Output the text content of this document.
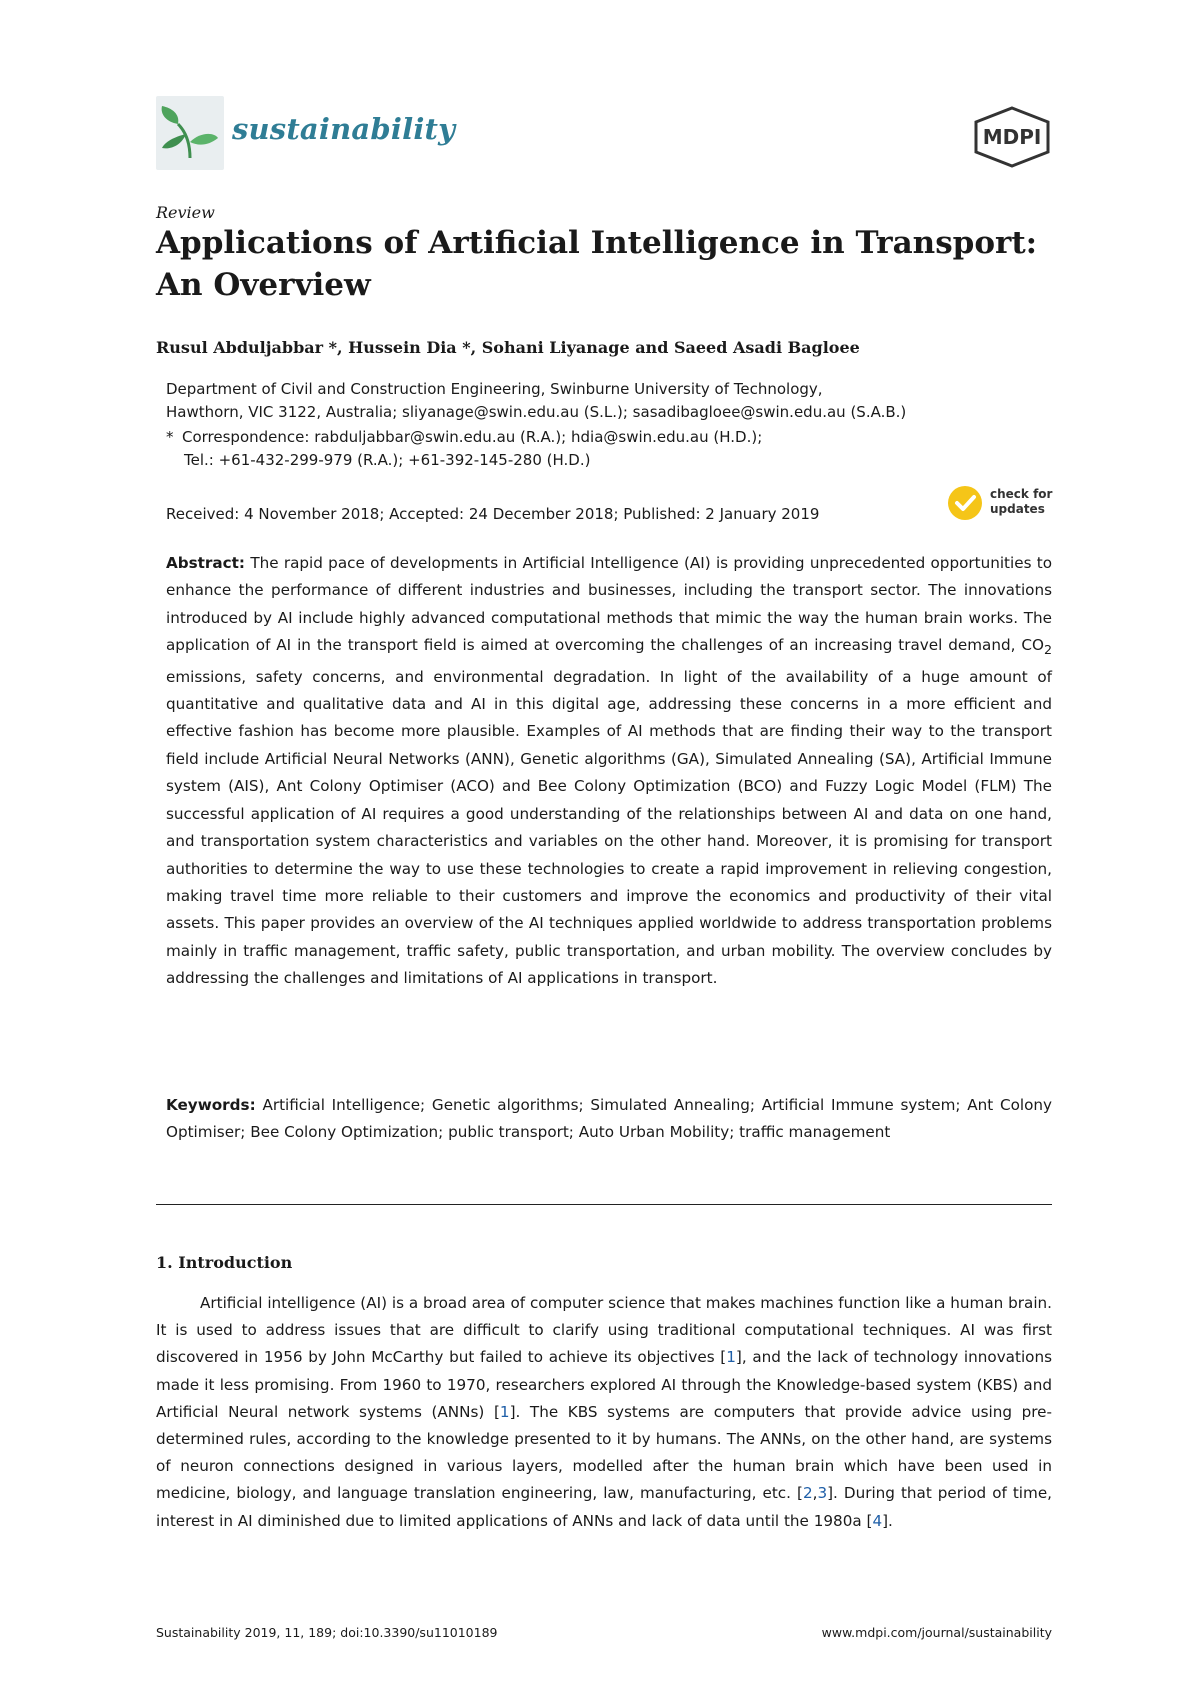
sustainability	MDPI
Review
Applications of Artificial Intelligence in Transport:
An Overview
Rusul Abduljabbar *, Hussein Dia *, Sohani Liyanage and Saeed Asadi Bagloee
Department of Civil and Construction Engineering, Swinburne University of Technology,
Hawthorn, VIC 3122, Australia; sliyanage@swin.edu.au (S.L.); sasadibagloee@swin.edu.au (S.A.B.)
* Correspondence: rabduljabbar@swin.edu.au (R.A.); hdia@swin.edu.au (H.D.);
Tel.: +61-432-299-979 (R.A.); +61-392-145-280 (H.D.)
Received: 4 November 2018; Accepted: 24 December 2018; Published: 2 January 2019
check for
updates
Abstract: The rapid pace of developments in Artificial Intelligence (AI) is providing unprecedented opportunities to enhance the performance of different industries and businesses, including the transport sector. The innovations introduced by AI include highly advanced computational methods that mimic the way the human brain works. The application of AI in the transport field is aimed at overcoming the challenges of an increasing travel demand, $CO_2$ emissions, safety concerns, and environmental degradation. In light of the availability of a huge amount of quantitative and qualitative data and AI in this digital age, addressing these concerns in a more efficient and effective fashion has become more plausible. Examples of AI methods that are finding their way to the transport field include Artificial Neural Networks (ANN), Genetic algorithms (GA), Simulated Annealing (SA), Artificial Immune system (AIS), Ant Colony Optimiser (ACO) and Bee Colony Optimization (BCO) and Fuzzy Logic Model (FLM) The successful application of AI requires a good understanding of the relationships between AI and data on one hand, and transportation system characteristics and variables on the other hand. Moreover, it is promising for transport authorities to determine the way to use these technologies to create a rapid improvement in relieving congestion, making travel time more reliable to their customers and improve the economics and productivity of their vital assets. This paper provides an overview of the AI techniques applied worldwide to address transportation problems mainly in traffic management, traffic safety, public transportation, and urban mobility. The overview concludes by addressing the challenges and limitations of AI applications in transport.
Keywords: Artificial Intelligence; Genetic algorithms; Simulated Annealing; Artificial Immune system; Ant Colony Optimiser; Bee Colony Optimization; public transport; Auto Urban Mobility; traffic management
1. Introduction
Artificial intelligence (AI) is a broad area of computer science that makes machines function like a human brain. It is used to address issues that are difficult to clarify using traditional computational techniques. AI was first discovered in 1956 by John McCarthy but failed to achieve its objectives [1], and the lack of technology innovations made it less promising. From 1960 to 1970, researchers explored AI through the Knowledge-based system (KBS) and Artificial Neural network systems (ANNs) [1]. The KBS systems are computers that provide advice using pre-determined rules, according to the knowledge presented to it by humans. The ANNs, on the other hand, are systems of neuron connections designed in various layers, modelled after the human brain which have been used in medicine, biology, and language translation engineering, law, manufacturing, etc. [2,3]. During that period of time, interest in AI diminished due to limited applications of ANNs and lack of data until the 1980a [4].
Sustainability 2019, 11, 189; doi:10.3390/su11010189	www.mdpi.com/journal/sustainability
